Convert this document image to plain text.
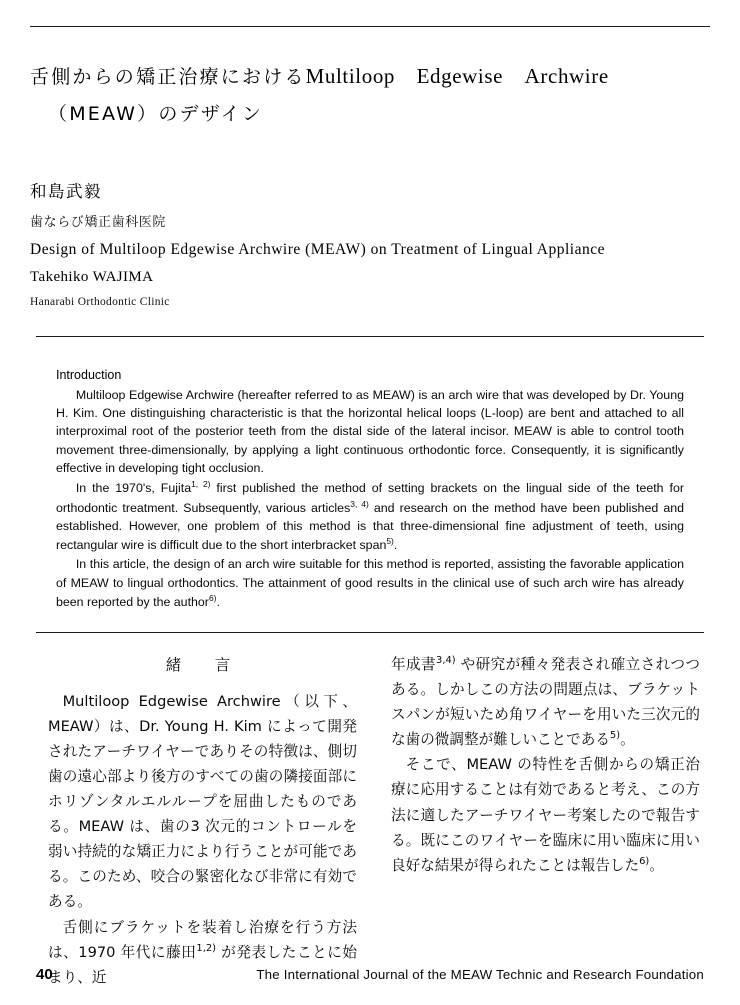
舌側からの矯正治療におけるMultiloop Edgewise Archwire
（MEAW）のデザイン
和島武毅
歯ならび矯正歯科医院
Design of Multiloop Edgewise Archwire (MEAW) on Treatment of Lingual Appliance
Takehiko WAJIMA
Hanarabi Orthodontic Clinic
Introduction

Multiloop Edgewise Archwire (hereafter referred to as MEAW) is an arch wire that was developed by Dr. Young H. Kim. One distinguishing characteristic is that the horizontal helical loops (L-loop) are bent and attached to all interproximal root of the posterior teeth from the distal side of the lateral incisor. MEAW is able to control tooth movement three-dimensionally, by applying a light continuous orthodontic force. Consequently, it is significantly effective in developing tight occlusion.

In the 1970's, Fujita$^{1, 2)}$ first published the method of setting brackets on the lingual side of the teeth for orthodontic treatment. Subsequently, various articles$^{3, 4)}$ and research on the method have been published and established. However, one problem of this method is that three-dimensional fine adjustment of teeth, using rectangular wire is difficult due to the short interbracket span$^{5)}$.

In this article, the design of an arch wire suitable for this method is reported, assisting the favorable application of MEAW to lingual orthodontics. The attainment of good results in the clinical use of such arch wire has already been reported by the author$^{6)}$.

緒　言

Multiloop Edgewise Archwire（以下、MEAW）は、Dr. Young H. Kim によって開発されたアーチワイヤーでありその特徴は、側切歯の遠心部より後方のすべての歯の隣接面部にホリゾンタルエルループを屈曲したものである。MEAW は、歯の3 次元的コントロールを弱い持続的な矯正力により行うことが可能である。このため、咬合の緊密化なび非常に有効である。

舌側にブラケットを装着し治療を行う方法は、1970 年代に藤田$^{1,2)}$ が発表したことに始まり、近

年成書$^{3,4)}$ や研究が種々発表され確立されつつある。しかしこの方法の問題点は、ブラケットスパンが短いため角ワイヤーを用いた三次元的な歯の微調整が難しいことである$^{5)}$。

そこで、MEAW の特性を舌側からの矯正治療に応用することは有効であると考え、この方法に適したアーチワイヤー考案したので報告する。既にこのワイヤーを臨床に用い臨床に用い良好な結果が得られたことは報告した$^{6)}$。

40	The International Journal of the MEAW Technic and Research Foundation
